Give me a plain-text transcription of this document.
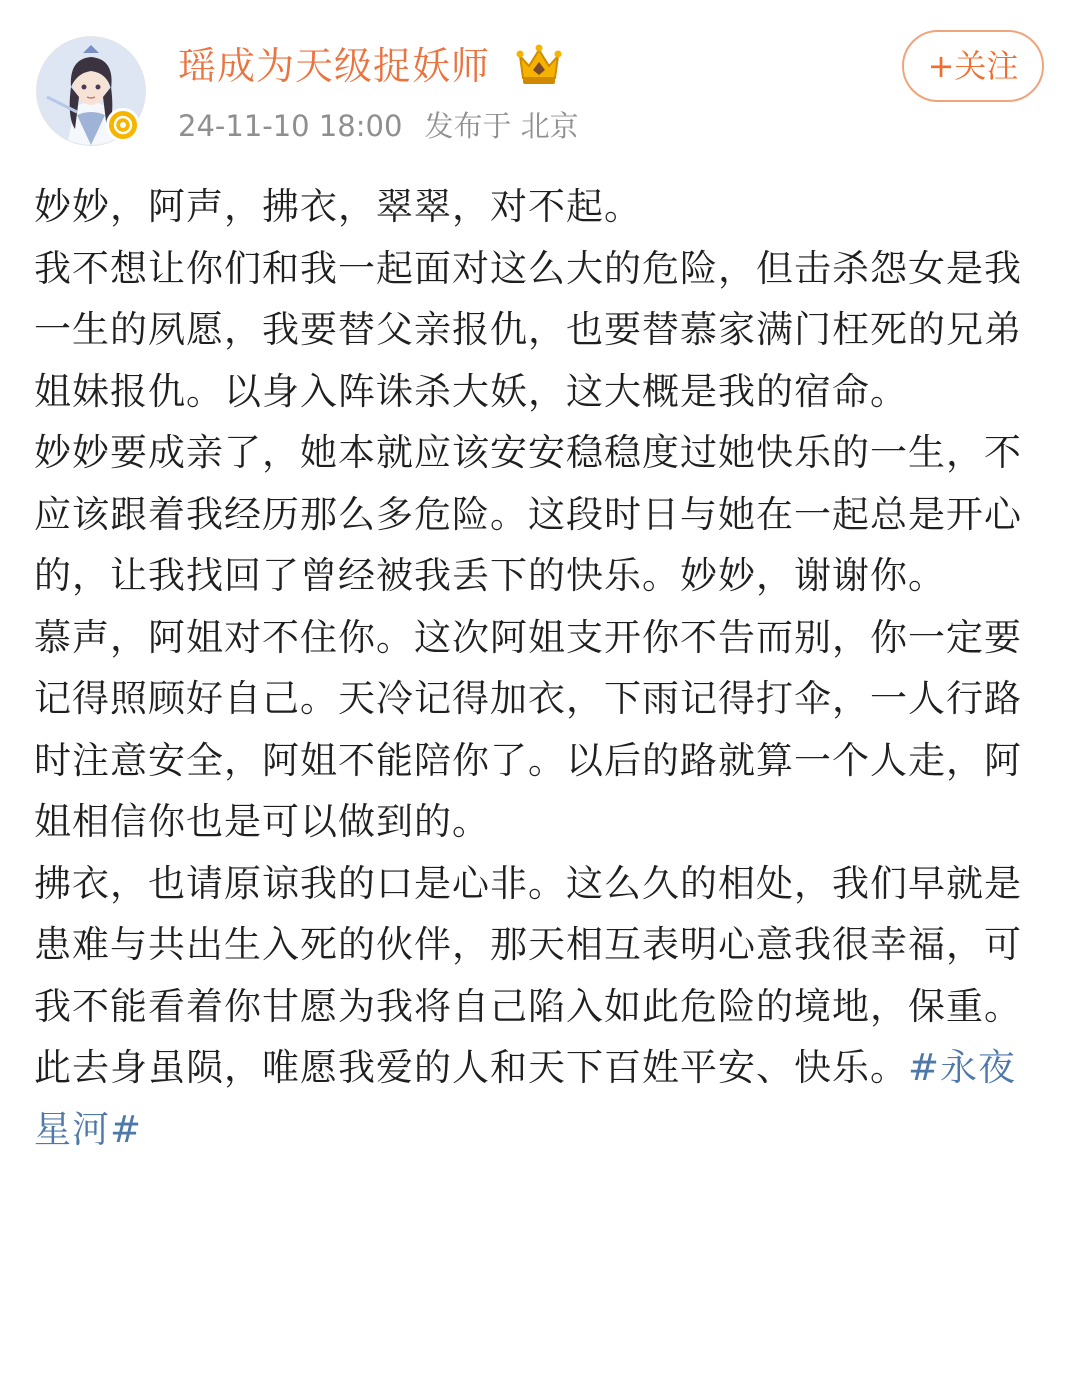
瑶成为天级捉妖师
24-11-10 18:00 发布于 北京
+关注

妙妙，阿声，拂衣，翠翠，对不起。

我不想让你们和我一起面对这么大的危险，但击杀怨女是我一生的夙愿，我要替父亲报仇，也要替慕家满门枉死的兄弟姐妹报仇。以身入阵诛杀大妖，这大概是我的宿命。

妙妙要成亲了，她本就应该安安稳稳度过她快乐的一生，不应该跟着我经历那么多危险。这段时日与她在一起总是开心的，让我找回了曾经被我丢下的快乐。妙妙，谢谢你。

慕声，阿姐对不住你。这次阿姐支开你不告而别，你一定要记得照顾好自己。天冷记得加衣，下雨记得打伞，一人行路时注意安全，阿姐不能陪你了。以后的路就算一个人走，阿姐相信你也是可以做到的。

拂衣，也请原谅我的口是心非。这么久的相处，我们早就是患难与共出生入死的伙伴，那天相互表明心意我很幸福，可我不能看着你甘愿为我将自己陷入如此危险的境地，保重。

此去身虽陨，唯愿我爱的人和天下百姓平安、快乐。#永夜星河#
